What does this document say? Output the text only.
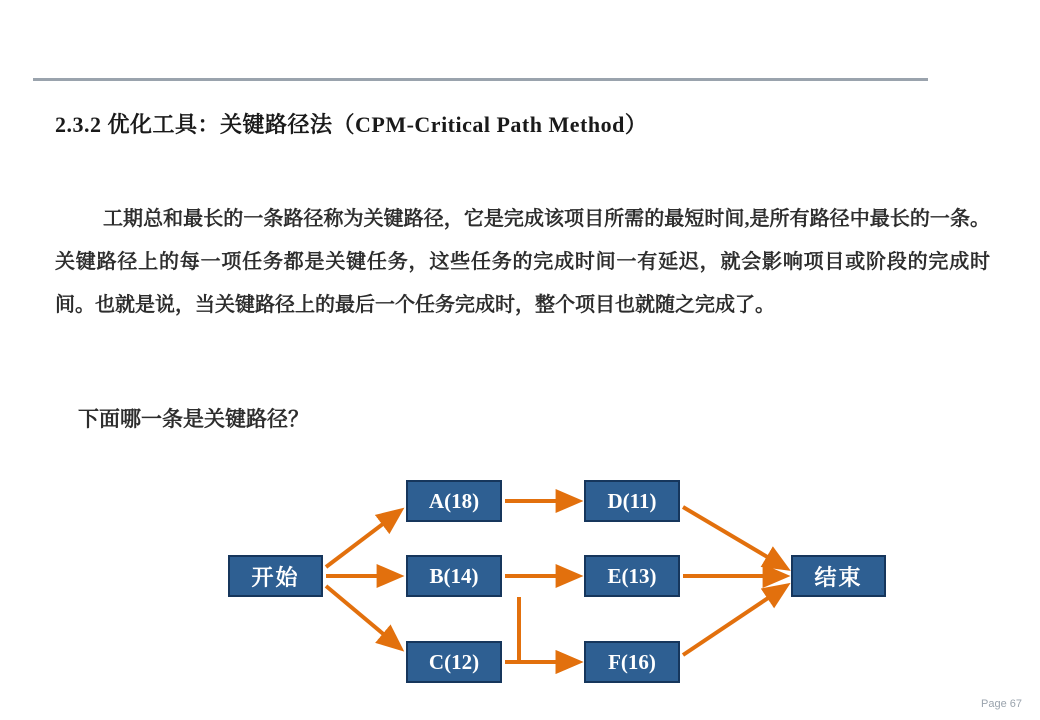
2.3.2 优化工具：关键路径法（CPM-Critical Path Method）
工期总和最长的一条路径称为关键路径，它是完成该项目所需的最短时间,是所有路径中最长的一条。关键路径上的每一项任务都是关键任务，这些任务的完成时间一有延迟，就会影响项目或阶段的完成时间。也就是说，当关键路径上的最后一个任务完成时，整个项目也就随之完成了。
下面哪一条是关键路径？
开始
A(18)
B(14)
C(12)
D(11)
E(13)
F(16)
结束
Page 67
